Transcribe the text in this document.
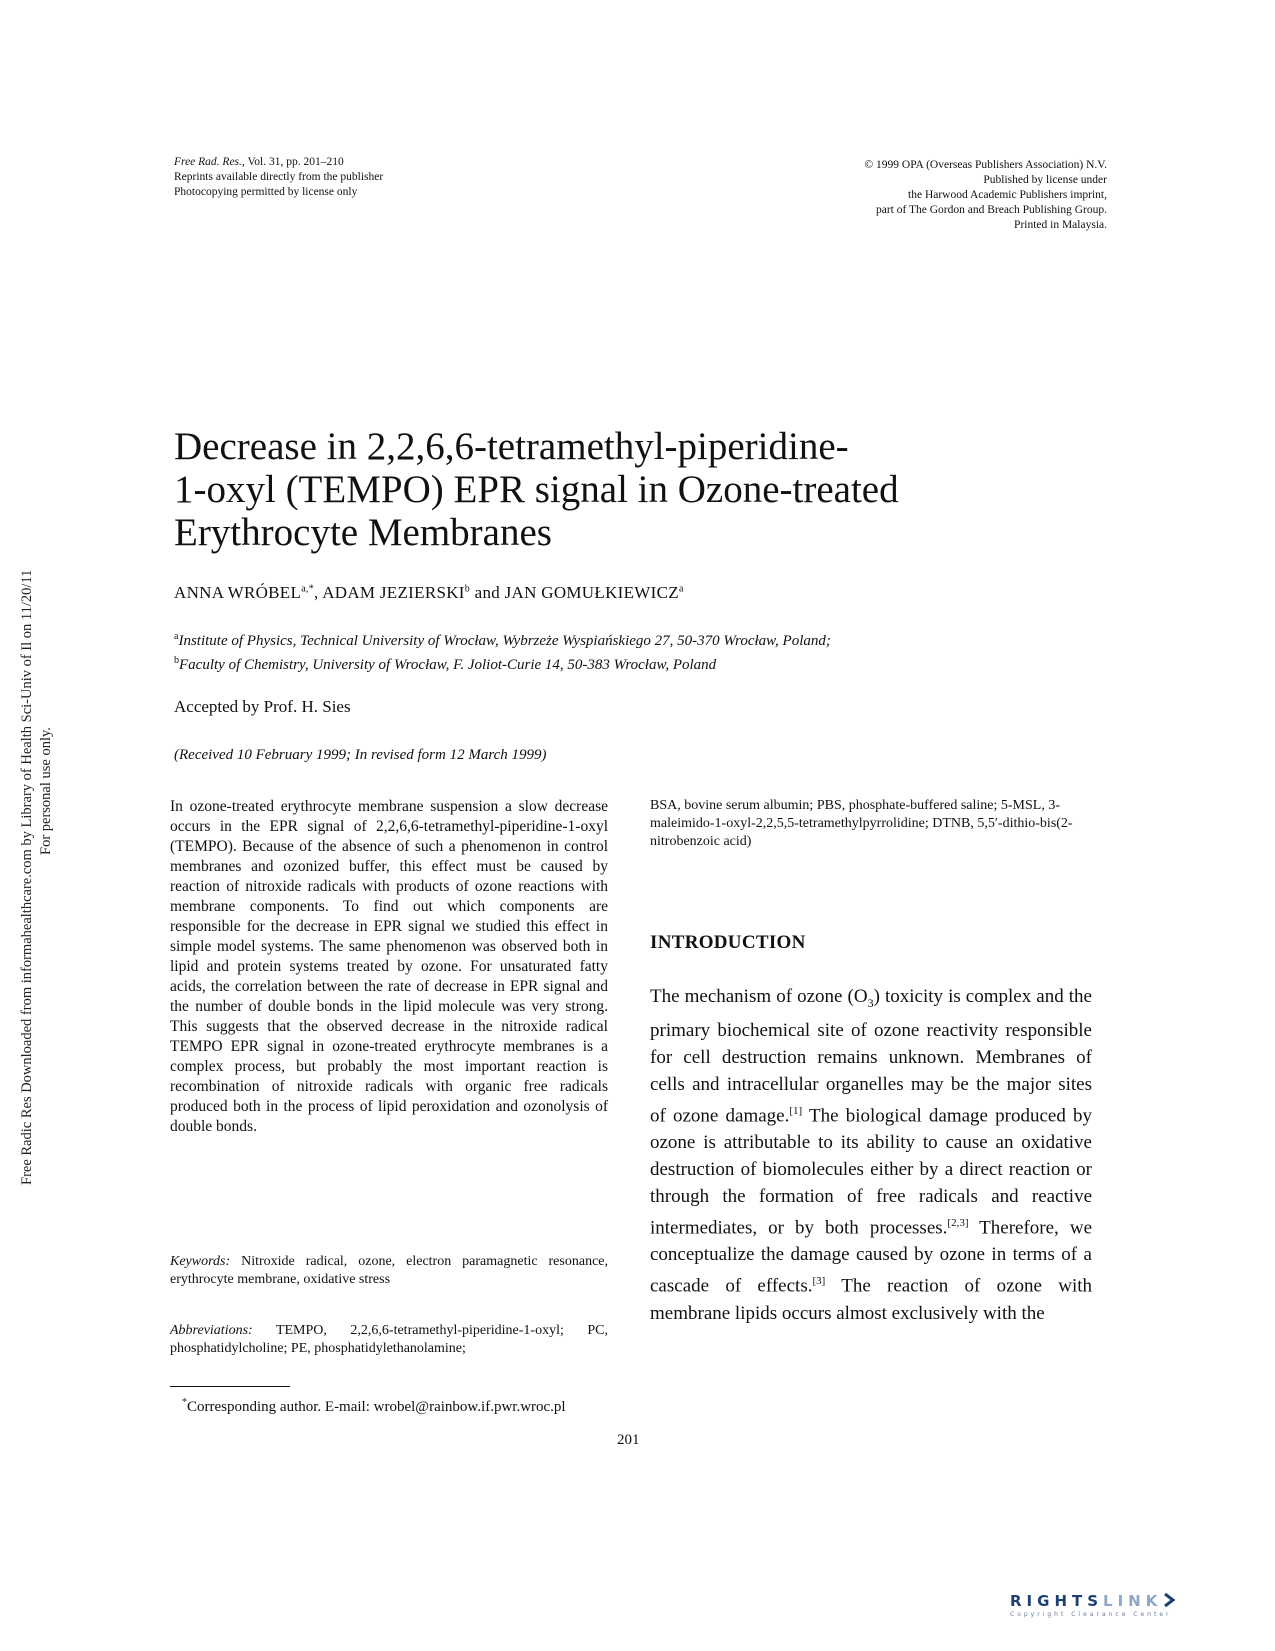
Free Radic Res Downloaded from informahealthcare.com by Library of Health Sci-Univ of Il on 11/20/11 For personal use only.
Free Rad. Res., Vol. 31, pp. 201–210
Reprints available directly from the publisher
Photocopying permitted by license only
© 1999 OPA (Overseas Publishers Association) N.V.
Published by license under
the Harwood Academic Publishers imprint,
part of The Gordon and Breach Publishing Group.
Printed in Malaysia.
Decrease in 2,2,6,6-tetramethyl-piperidine-
1-oxyl (TEMPO) EPR signal in Ozone-treated
Erythrocyte Membranes
ANNA $WRÓBEL^{a,*}$, ADAM JEZIERSKI$^b$ and JAN GOMUŁKIEWICZ$^a$
$^a$Institute of Physics, Technical University of Wrocław, Wybrzeże Wyspiańskiego 27, 50-370 Wrocław, Poland;
$^b$Faculty of Chemistry, University of Wrocław, F. Joliot-Curie 14, 50-383 Wrocław, Poland
Accepted by Prof. H. Sies
(Received 10 February 1999; In revised form 12 March 1999)
In ozone-treated erythrocyte membrane suspension a slow decrease occurs in the EPR signal of 2,2,6,6-tetramethyl-piperidine-1-oxyl (TEMPO). Because of the absence of such a phenomenon in control membranes and ozonized buffer, this effect must be caused by reaction of nitroxide radicals with products of ozone reactions with membrane components. To find out which components are responsible for the decrease in EPR signal we studied this effect in simple model systems. The same phenomenon was observed both in lipid and protein systems treated by ozone. For unsaturated fatty acids, the correlation between the rate of decrease in EPR signal and the number of double bonds in the lipid molecule was very strong. This suggests that the observed decrease in the nitroxide radical TEMPO EPR signal in ozone-treated erythrocyte membranes is a complex process, but probably the most important reaction is recombination of nitroxide radicals with organic free radicals produced both in the process of lipid peroxidation and ozonolysis of double bonds.
Keywords: Nitroxide radical, ozone, electron paramagnetic resonance, erythrocyte membrane, oxidative stress
Abbreviations: TEMPO, 2,2,6,6-tetramethyl-piperidine-1-oxyl; PC, phosphatidylcholine; PE, phosphatidylethanolamine;
BSA, bovine serum albumin; PBS, phosphate-buffered saline; 5-MSL, 3-maleimido-1-oxyl-2,2,5,5-tetramethylpyrrolidine; DTNB, 5,5′-dithio-bis(2-nitrobenzoic acid)
INTRODUCTION
The mechanism of ozone $(O_3)$ toxicity is complex and the primary biochemical site of ozone reactivity responsible for cell destruction remains unknown. Membranes of cells and intracellular organelles may be the major sites of ozone damage.[1] The biological damage produced by ozone is attributable to its ability to cause an oxidative destruction of biomolecules either by a direct reaction or through the formation of free radicals and reactive intermediates, or by both processes.[2,3] Therefore, we conceptualize the damage caused by ozone in terms of a cascade of effects.[3] The reaction of ozone with membrane lipids occurs almost exclusively with the
*Corresponding author. E-mail: wrobel@rainbow.if.pwr.wroc.pl
201
RIGHTSLINK
Copyright Clearance Center
